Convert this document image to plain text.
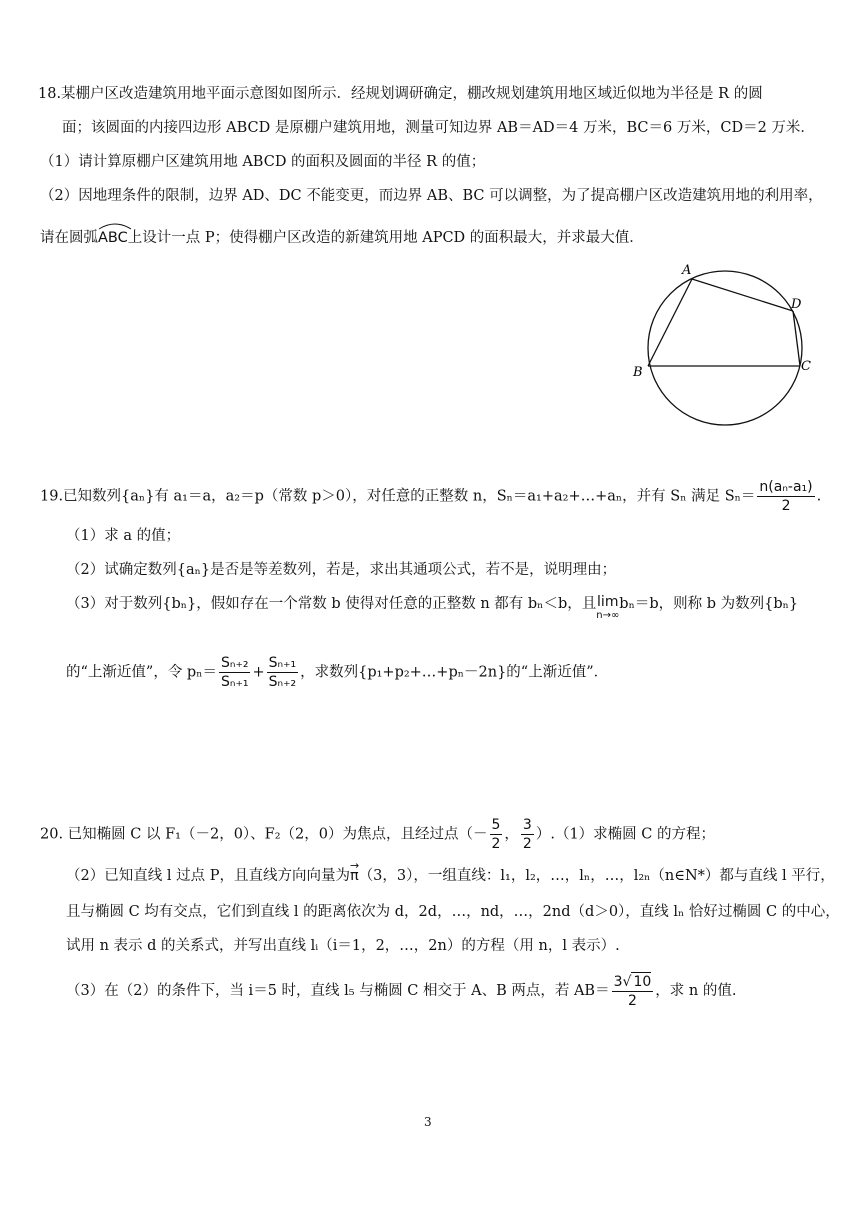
18.某棚户区改造建筑用地平面示意图如图所示．经规划调研确定，棚改规划建筑用地区域近似地为半径是 R 的圆
面；该圆面的内接四边形 ABCD 是原棚户建筑用地，测量可知边界 AB＝AD＝4 万米，BC＝6 万米，CD＝2 万米．
（1）请计算原棚户区建筑用地 ABCD 的面积及圆面的半径 R 的值；
（2）因地理条件的限制，边界 AD、DC 不能变更，而边界 AB、BC 可以调整，为了提高棚户区改造建筑用地的利用率，
请在圆弧
ABC上设计一点 P；使得棚户区改造的新建筑用地 APCD 的面积最大，并求最大值．
A
D
B	C
19.已知数列{aₙ}有 a₁＝a，a₂＝p（常数 p＞0），对任意的正整数 n，Sₙ＝a₁+a₂+…+aₙ，并有 Sₙ 满足 $S_n= \frac{\text{n(aₙ-a₁)}}{2}$ .
（1）求 a 的值；
（2）试确定数列{aₙ}是否是等差数列，若是，求出其通项公式，若不是，说明理由；
（3）对于数列{bₙ}，假如存在一个常数 b 使得对任意的正整数 n 都有 bₙ＜b，且 lim
n→∞
bₙ＝b，则称 b 为数列{bₙ}
的“上渐近值”，令 $p_n= \frac{\text{Sₙ₊₂}}{\text{Sₙ₊₁}} + \frac{\text{Sₙ₊₁}}{\text{Sₙ₊₂}}$ ，求数列{p₁+p₂+…+pₙ－2n}的“上渐近值”．
20. 已知椭圆 C 以 F₁（－2，0）、F₂（2，0）为焦点，且经过点（－ $\frac{5}{2}$ ， $\frac{3}{2} ).(1)$求椭圆 C 的方程；
（2）已知直线 l 过点 P，且直线方向向量为
→
π（3，3），一组直线：l₁，l₂，…，lₙ，…，l₂ₙ（n∈N*）都与直线 l 平行，
且与椭圆 C 均有交点，它们到直线 l 的距离依次为 d，2d，…，nd，…，2nd（d＞0），直线 lₙ 恰好过椭圆 C 的中心，
试用 n 表示 d 的关系式，并写出直线 lᵢ（i＝1，2，…，2n）的方程（用 n，l 表示）.
（3）在（2）的条件下，当 i＝5 时，直线 l₅ 与椭圆 C 相交于 A、B 两点，若 $AB= \frac{3√ 10}{2}$ ，求 n 的值.
3
